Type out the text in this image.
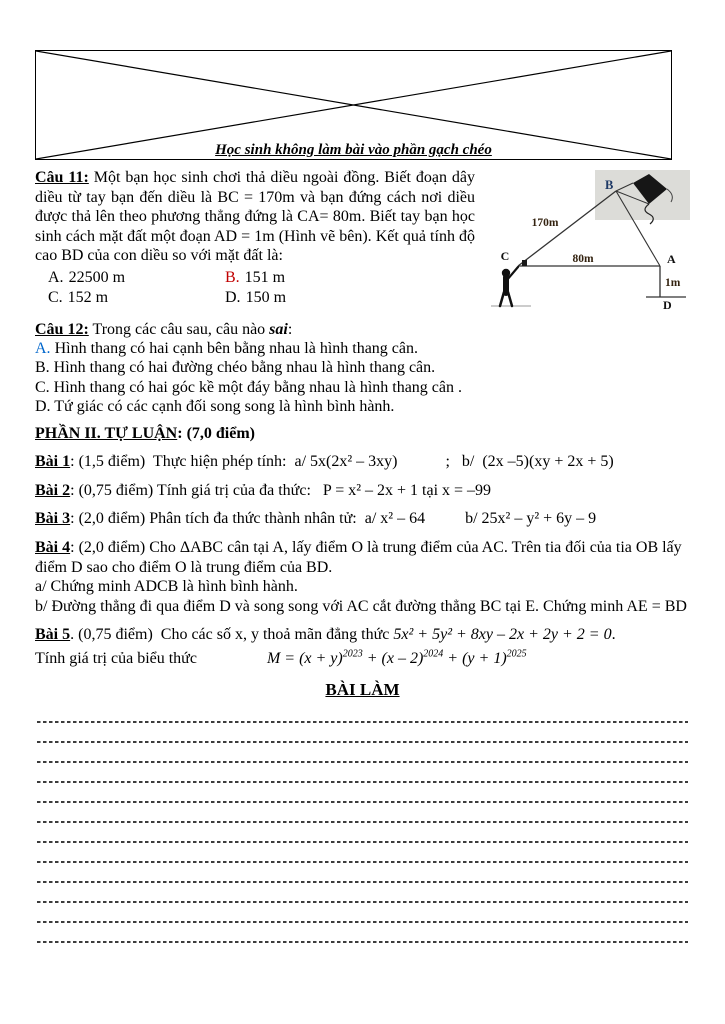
Học sinh không làm bài vào phần gạch chéo
B
C	A
D
170m
80m
1m

Câu 11: Một bạn học sinh chơi thả diều ngoài đồng. Biết đoạn dây diều từ tay bạn đến diều là BC = 170m và bạn đứng cách nơi diều được thả lên theo phương thẳng đứng là CA= 80m. Biết tay bạn học sinh cách mặt đất một đoạn AD = 1m (Hình vẽ bên). Kết quả tính độ cao BD của con diều so với mặt đất là:

A. 22500 m	B. 151 m
C. 152 m	D. 150 m

Câu 12: Trong các câu sau, câu nào sai:

A. Hình thang có hai cạnh bên bằng nhau là hình thang cân.

B. Hình thang có hai đường chéo bằng nhau là hình thang cân.

C. Hình thang có hai góc kề một đáy bằng nhau là hình thang cân .

D. Tứ giác có các cạnh đối song song là hình bình hành.

PHẦN II. TỰ LUẬN: (7,0 điểm)

Bài 1: (1,5 điểm)  Thực hiện phép tính:  a/ 5x(2x² – 3xy)            ;   b/  (2x –5)(xy + 2x + 5)

Bài 2: (0,75 điểm) Tính giá trị của đa thức:   P = x² – 2x + 1 tại x = –99

Bài 3: (2,0 điểm) Phân tích đa thức thành nhân tử:  a/ x² – 64          b/ 25x² – y² + 6y – 9

Bài 4: (2,0 điểm) Cho ΔABC cân tại A, lấy điểm O là trung điểm của AC. Trên tia đối của tia OB lấy điểm D sao cho điểm O là trung điểm của BD.

a/ Chứng minh ADCB là hình bình hành.

b/ Đường thẳng đi qua điểm D và song song với AC cắt đường thẳng BC tại E. Chứng minh AE = BD

Bài 5. (0,75 điểm)  Cho các số x, y thoả mãn đẳng thức 5x² + 5y² + 8xy – 2x + 2y + 2 = 0.

Tính giá trị của biểu thức	$M = (x + y)^{2023} + (x - 2)^{2024} + (y + 1)^{2025}$

BÀI LÀM
